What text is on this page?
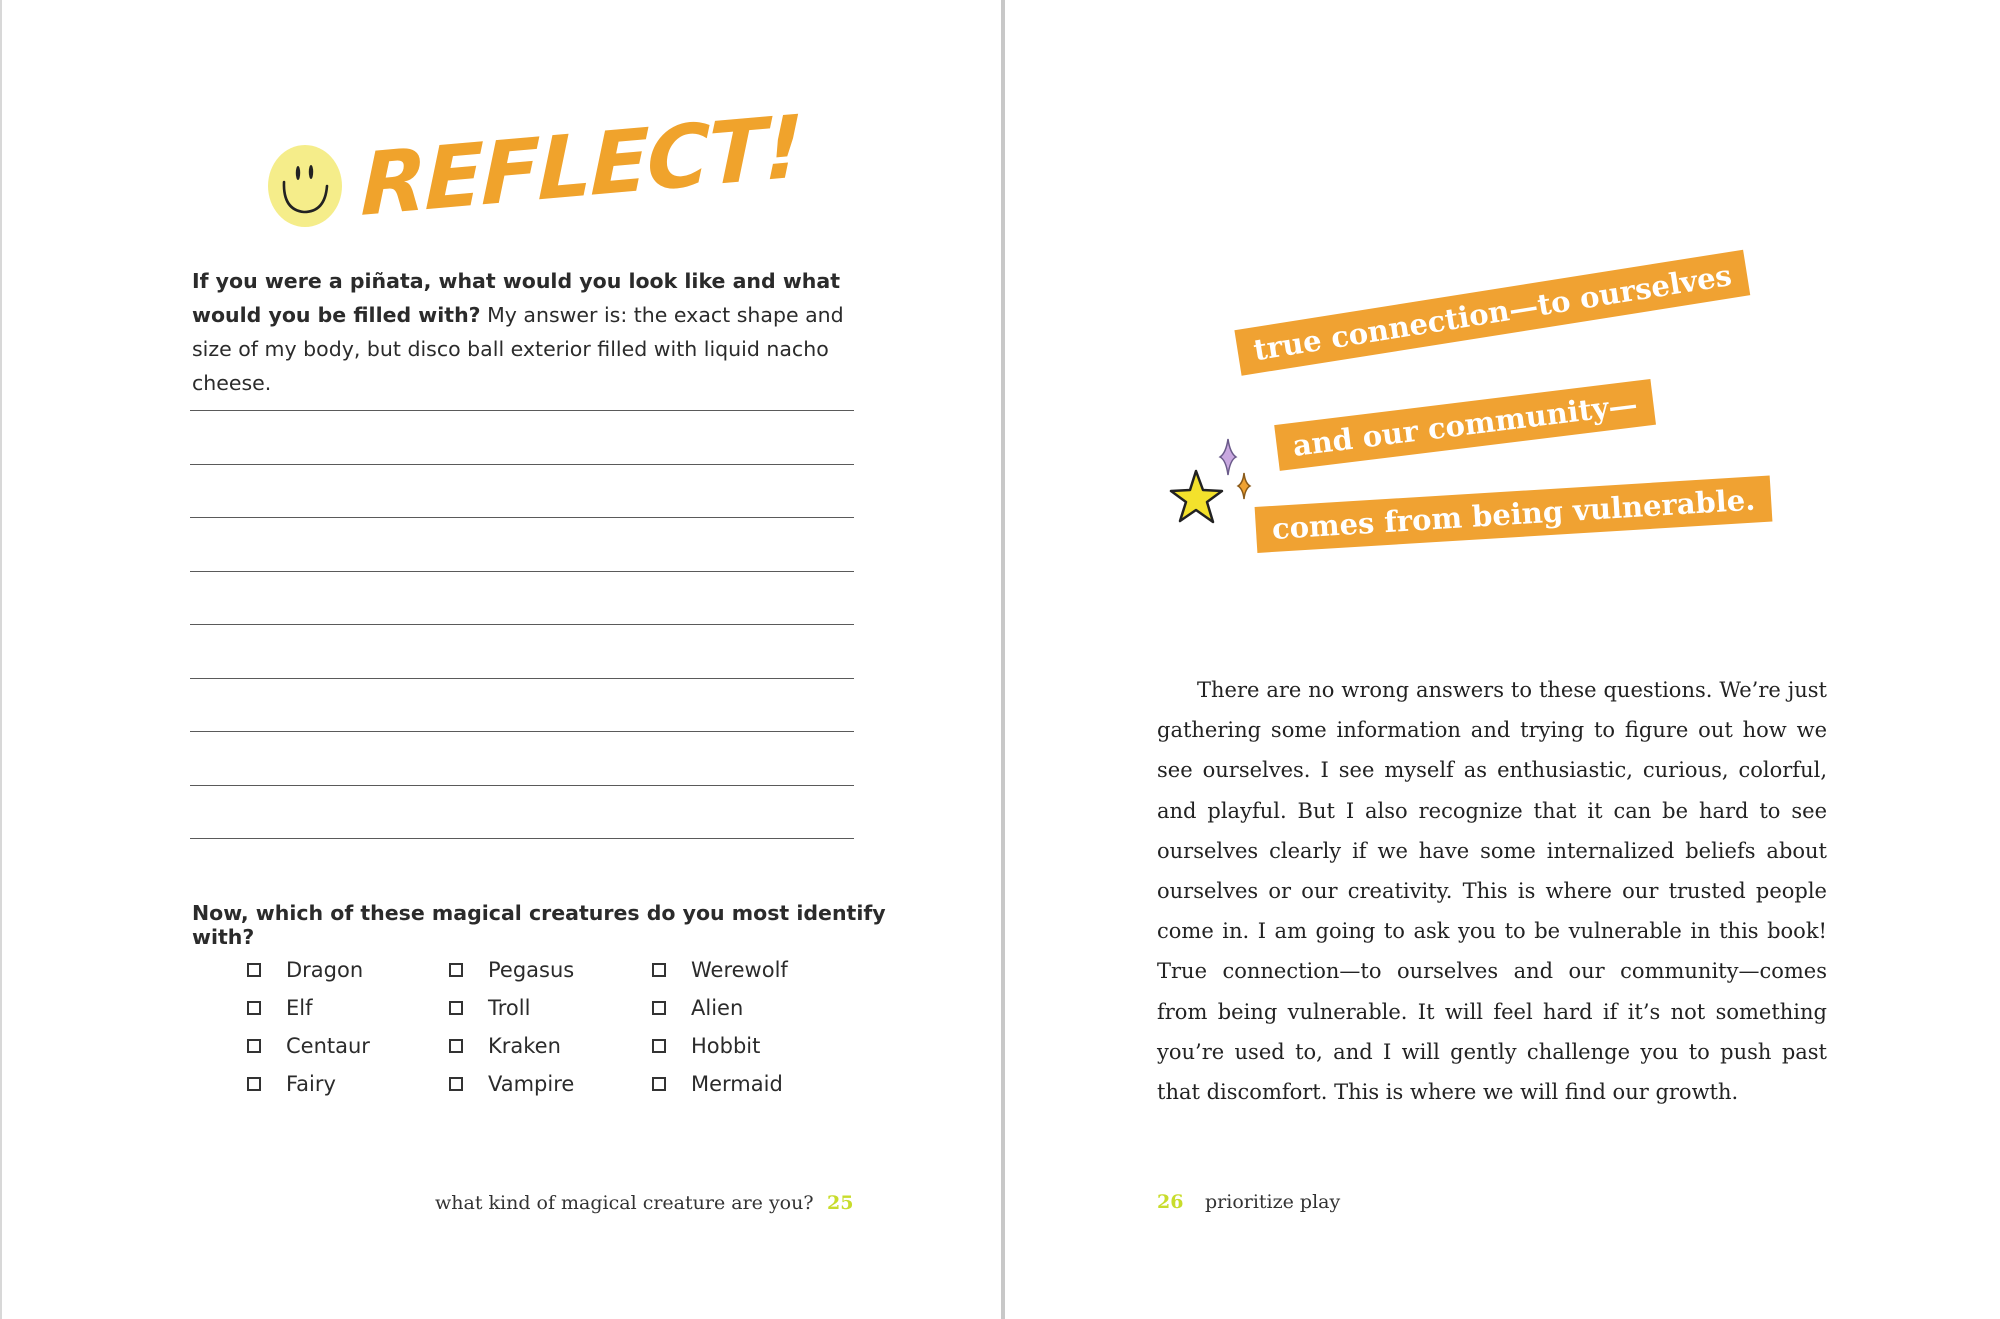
REFLECT!
If you were a piñata, what would you look like and what would you be filled with? My answer is: the exact shape and size of my body, but disco ball exterior filled with liquid nacho cheese.
Now, which of these magical creatures do you most identify with?
Dragon
Elf
Centaur
Fairy
Pegasus
Troll
Kraken
Vampire
Werewolf
Alien
Hobbit
Mermaid
what kind of magical creature are you? 25
true connection—to ourselves
and our community—
comes from being vulnerable.
There are no wrong answers to these questions. We’re just gathering some information and trying to figure out how we see ourselves. I see myself as enthusiastic, curious, colorful, and playful. But I also recognize that it can be hard to see ourselves clearly if we have some internalized beliefs about ourselves or our creativity. This is where our trusted people come in. I am going to ask you to be vulnerable in this book! True connection—to ourselves and our community—comes from being vulnerable. It will feel hard if it’s not something you’re used to, and I will gently challenge you to push past that discomfort. This is where we will find our growth.
26 prioritize play
